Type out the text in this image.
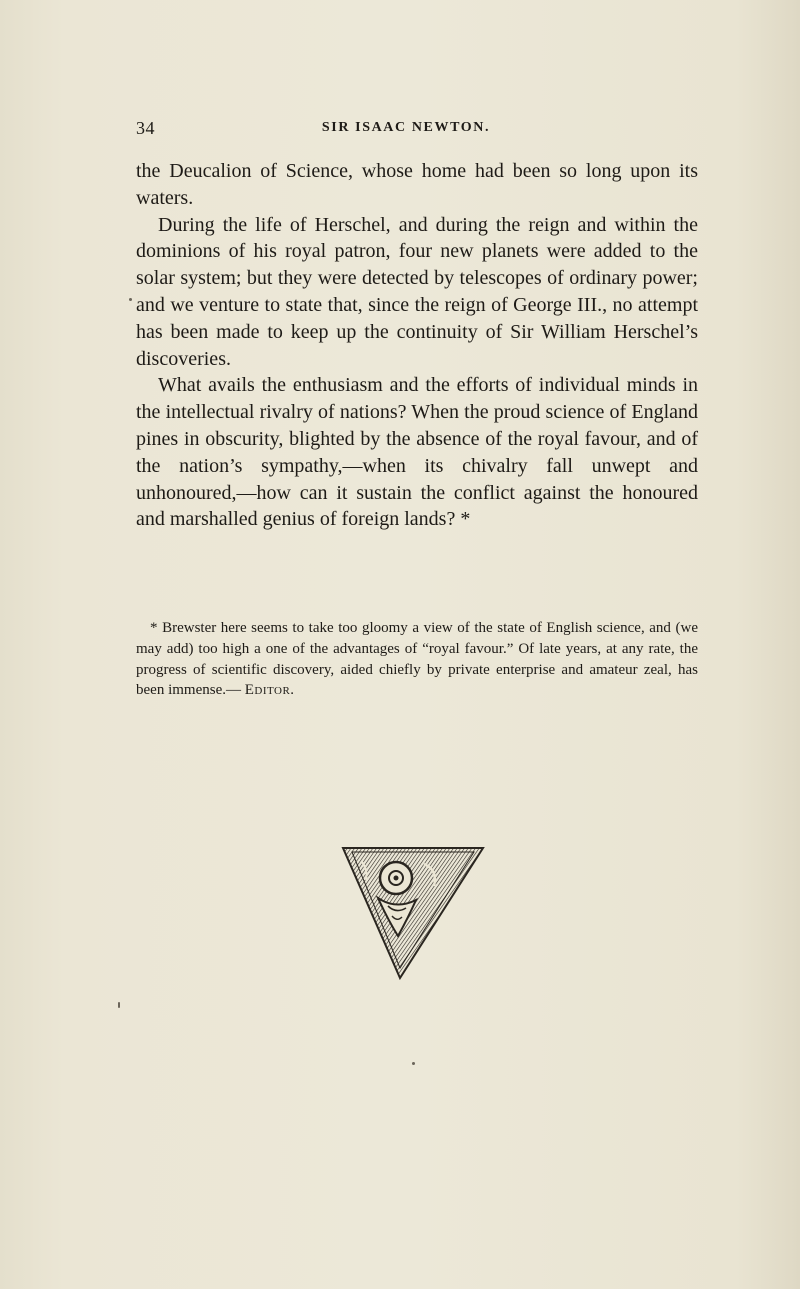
34	SIR ISAAC NEWTON.

the Deucalion of Science, whose home had been so long upon its waters.

During the life of Herschel, and during the reign and within the dominions of his royal patron, four new planets were added to the solar system; but they were detected by telescopes of ordinary power; and we venture to state that, since the reign of George III., no attempt has been made to keep up the continuity of Sir William Herschel’s discoveries.

What avails the enthusiasm and the efforts of individual minds in the intellectual rivalry of nations? When the proud science of England pines in obscurity, blighted by the absence of the royal favour, and of the nation’s sympathy,—when its chivalry fall unwept and unhonoured,—how can it sustain the conflict against the honoured and marshalled genius of foreign lands? *

* Brewster here seems to take too gloomy a view of the state of English science, and (we may add) too high a one of the advantages of “royal favour.” Of late years, at any rate, the progress of scientific discovery, aided chiefly by private enterprise and amateur zeal, has been immense.— Editor.
